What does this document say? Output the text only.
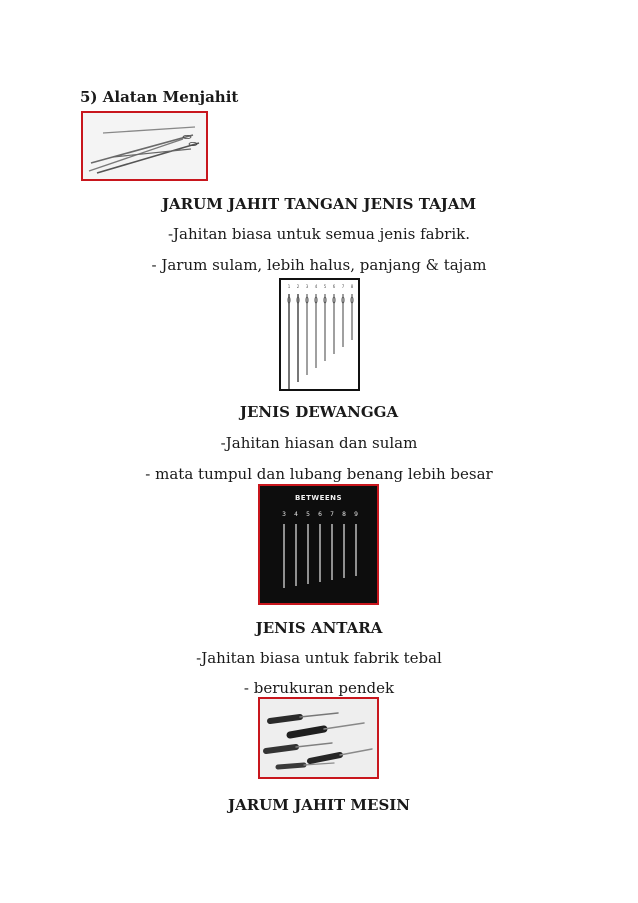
5) Alatan Menjahit
JARUM JAHIT TANGAN JENIS TAJAM
-Jahitan biasa untuk semua jenis fabrik.
- Jarum sulam, lebih halus, panjang & tajam
1 2 3 4 5 6 7 8
JENIS DEWANGGA
-Jahitan hiasan dan sulam
- mata tumpul dan lubang benang lebih besar
BETWEENS
3 4 5 6 7 8 9
JENIS ANTARA
-Jahitan biasa untuk fabrik tebal
- berukuran pendek
JARUM JAHIT MESIN
